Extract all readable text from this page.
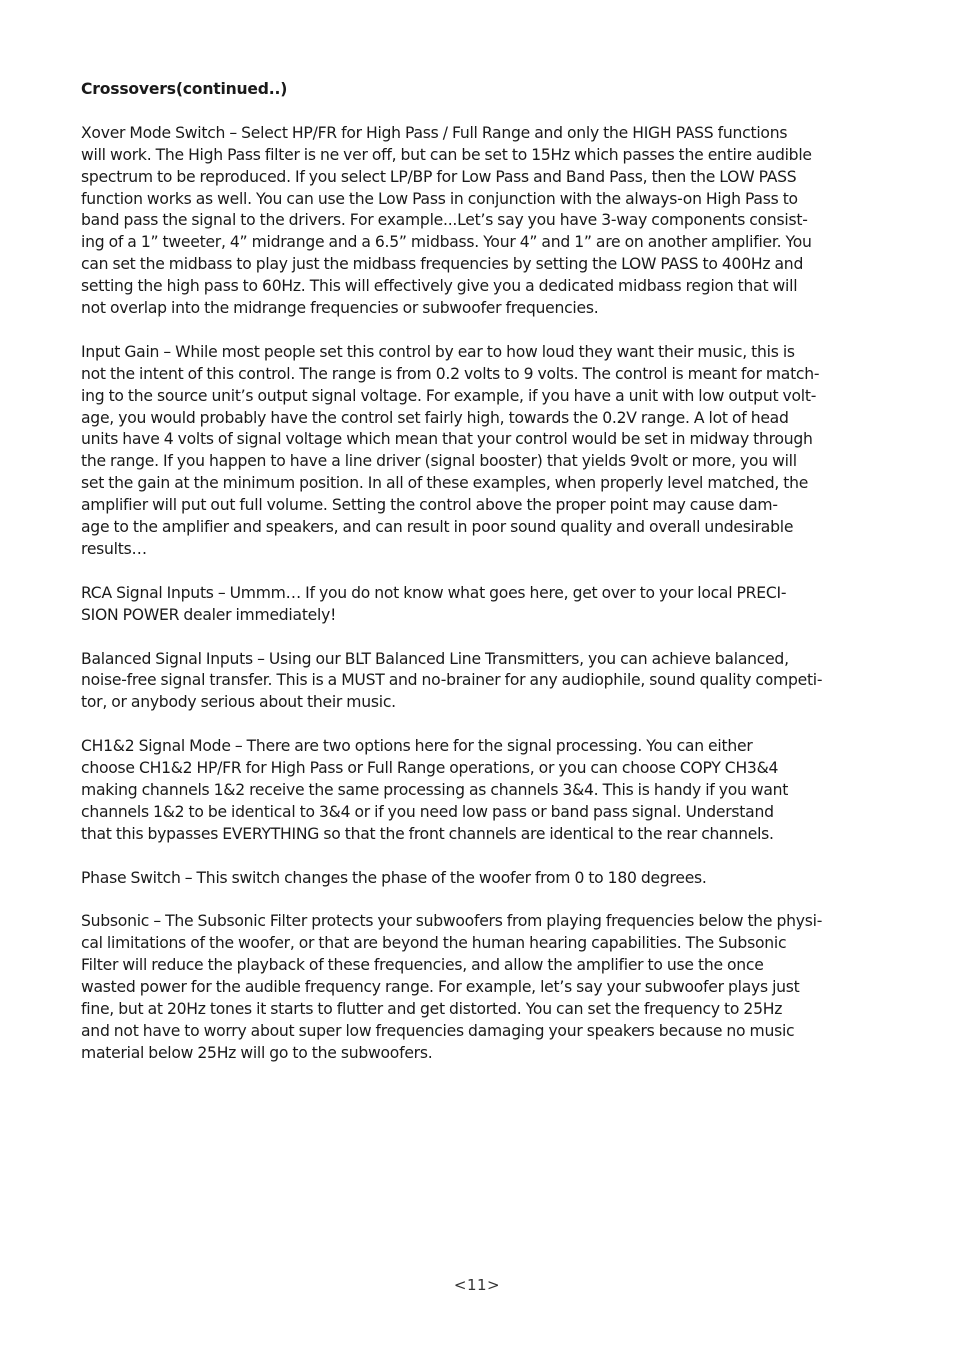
Crossovers(continued..)
Xover Mode Switch – Select HP/FR for High Pass / Full Range and only the HIGH PASS functions
will work. The High Pass filter is ne ver off, but can be set to 15Hz which passes the entire audible
spectrum to be reproduced. If you select LP/BP for Low Pass and Band Pass, then the LOW PASS
function works as well. You can use the Low Pass in conjunction with the always-on High Pass to
band pass the signal to the drivers. For example...Let’s say you have 3-way components consist-
ing of a 1” tweeter, 4” midrange and a 6.5” midbass. Your 4” and 1” are on another amplifier. You
can set the midbass to play just the midbass frequencies by setting the LOW PASS to 400Hz and
setting the high pass to 60Hz. This will effectively give you a dedicated midbass region that will
not overlap into the midrange frequencies or subwoofer frequencies.
Input Gain – While most people set this control by ear to how loud they want their music, this is
not the intent of this control. The range is from 0.2 volts to 9 volts. The control is meant for match-
ing to the source unit’s output signal voltage. For example, if you have a unit with low output volt-
age, you would probably have the control set fairly high, towards the 0.2V range. A lot of head
units have 4 volts of signal voltage which mean that your control would be set in midway through
the range. If you happen to have a line driver (signal booster) that yields 9volt or more, you will
set the gain at the minimum position. In all of these examples, when properly level matched, the
amplifier will put out full volume. Setting the control above the proper point may cause dam-
age to the amplifier and speakers, and can result in poor sound quality and overall undesirable
results…
RCA Signal Inputs – Ummm… If you do not know what goes here, get over to your local PRECI-
SION POWER dealer immediately!
Balanced Signal Inputs – Using our BLT Balanced Line Transmitters, you can achieve balanced,
noise-free signal transfer. This is a MUST and no-brainer for any audiophile, sound quality competi-
tor, or anybody serious about their music.
CH1&2 Signal Mode – There are two options here for the signal processing. You can either
choose CH1&2 HP/FR for High Pass or Full Range operations, or you can choose COPY CH3&4
making channels 1&2 receive the same processing as channels 3&4. This is handy if you want
channels 1&2 to be identical to 3&4 or if you need low pass or band pass signal. Understand
that this bypasses EVERYTHING so that the front channels are identical to the rear channels.
Phase Switch – This switch changes the phase of the woofer from 0 to 180 degrees.
Subsonic – The Subsonic Filter protects your subwoofers from playing frequencies below the physi-
cal limitations of the woofer, or that are beyond the human hearing capabilities. The Subsonic
Filter will reduce the playback of these frequencies, and allow the amplifier to use the once
wasted power for the audible frequency range. For example, let’s say your subwoofer plays just
fine, but at 20Hz tones it starts to flutter and get distorted. You can set the frequency to 25Hz
and not have to worry about super low frequencies damaging your speakers because no music
material below 25Hz will go to the subwoofers.
<11>
